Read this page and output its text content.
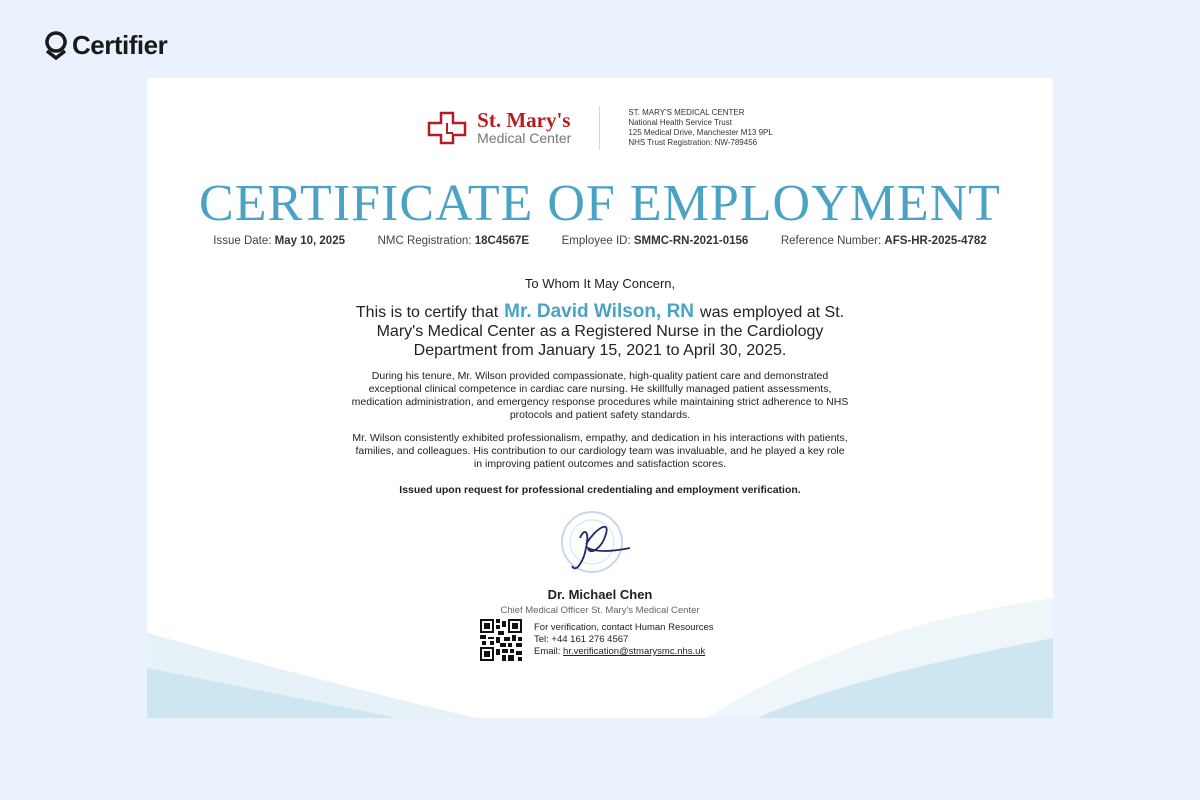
Certifier
St. Mary's
Medical Center
ST. MARY'S MEDICAL CENTER
National Health Service Trust
125 Medical Drive, Manchester M13 9PL
NHS Trust Registration: NW-789456
CERTIFICATE OF EMPLOYMENT
Issue Date: May 10, 2025	NMC Registration: 18C4567E	Employee ID: SMMC-RN-2021-0156	Reference Number: AFS-HR-2025-4782
To Whom It May Concern,
This is to certify that Mr. David Wilson, RN was employed at St. Mary's Medical Center as a Registered Nurse in the Cardiology Department from January 15, 2021 to April 30, 2025.
During his tenure, Mr. Wilson provided compassionate, high-quality patient care and demonstrated exceptional clinical competence in cardiac care nursing. He skillfully managed patient assessments, medication administration, and emergency response procedures while maintaining strict adherence to NHS protocols and patient safety standards.
Mr. Wilson consistently exhibited professionalism, empathy, and dedication in his interactions with patients, families, and colleagues. His contribution to our cardiology team was invaluable, and he played a key role in improving patient outcomes and satisfaction scores.
Issued upon request for professional credentialing and employment verification.
Dr. Michael Chen
Chief Medical Officer St. Mary's Medical Center
For verification, contact Human Resources
Tel: +44 161 276 4567
Email: hr.verification@stmarysmc.nhs.uk
